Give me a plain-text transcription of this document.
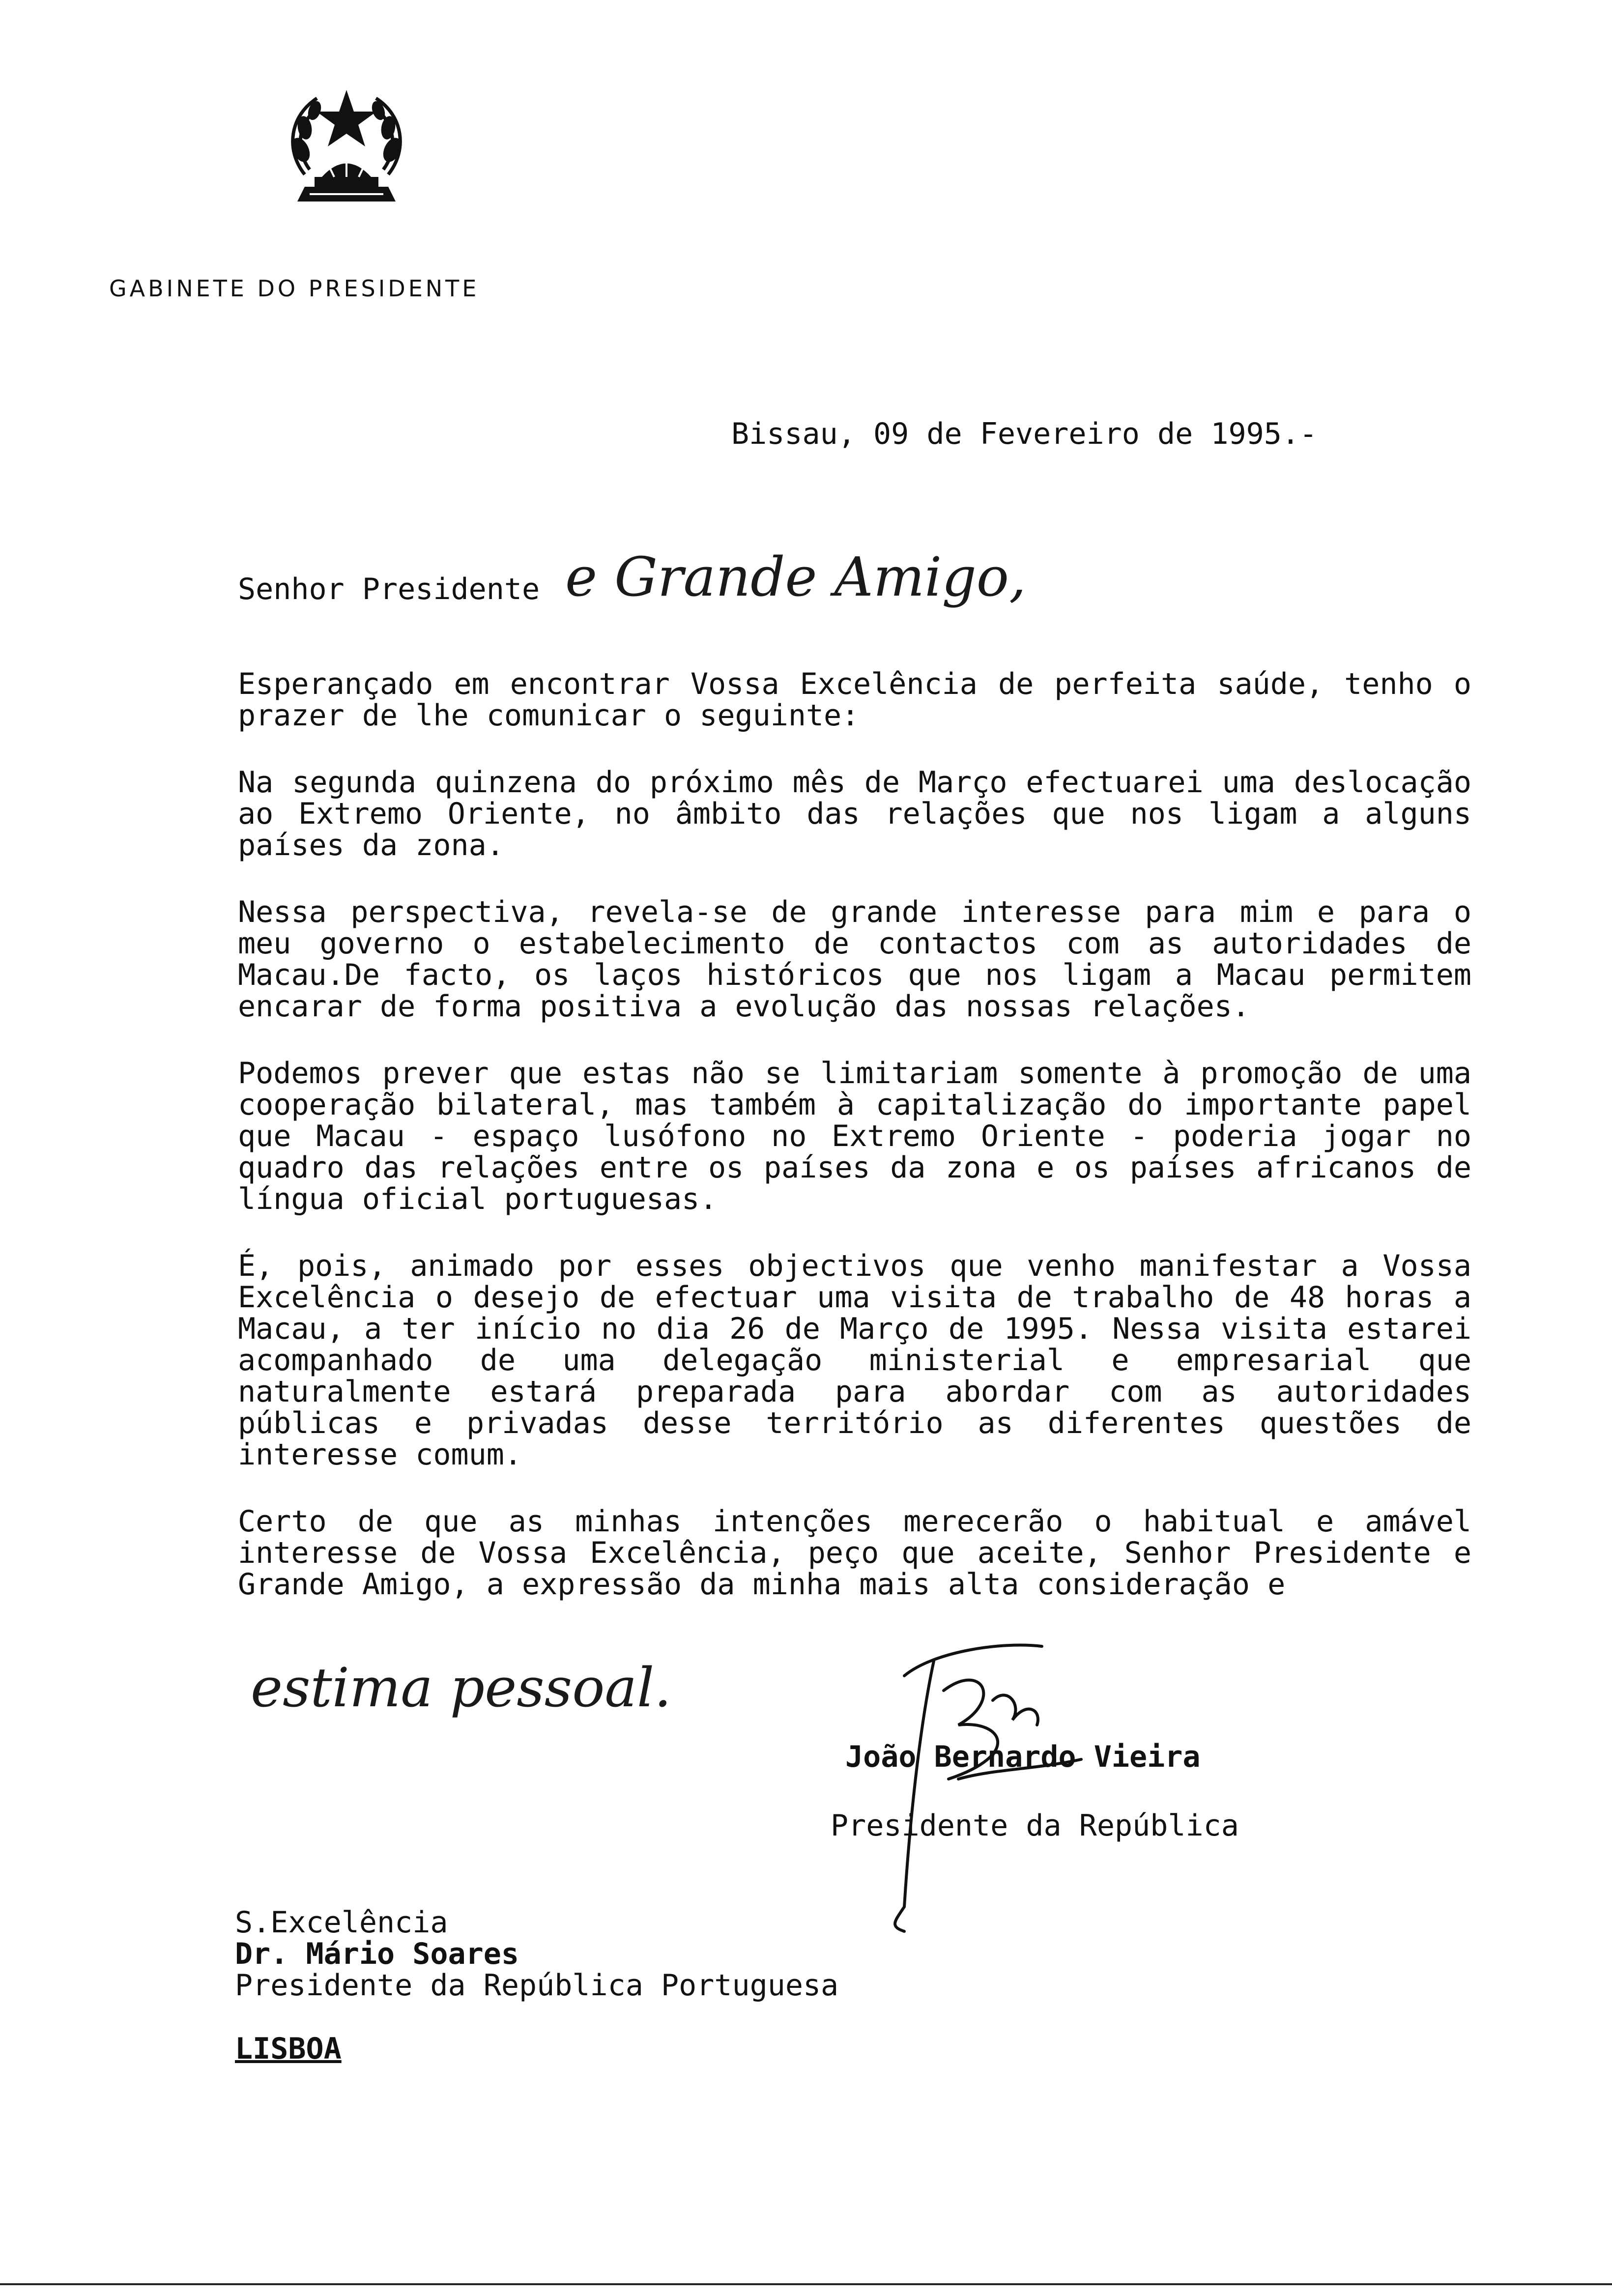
GABINETE DO PRESIDENTE
Bissau, 09 de Fevereiro de 1995.-
Senhor Presidente e Grande Amigo,

Esperançado em encontrar Vossa Excelência de perfeita saúde, tenho o prazer de lhe comunicar o seguinte:

Na segunda quinzena do próximo mês de Março efectuarei uma deslocação ao Extremo Oriente, no âmbito das relações que nos ligam a alguns países da zona.

Nessa perspectiva, revela-se de grande interesse para mim e para o meu governo o estabelecimento de contactos com as autoridades de Macau.De facto, os laços históricos que nos ligam a Macau permitem encarar de forma positiva a evolução das nossas relações.

Podemos prever que estas não se limitariam somente à promoção de uma cooperação bilateral, mas também à capitalização do importante papel que Macau - espaço lusófono no Extremo Oriente - poderia jogar no quadro das relações entre os países da zona e os países africanos de língua oficial portuguesas.

É, pois, animado por esses objectivos que venho manifestar a Vossa Excelência o desejo de efectuar uma visita de trabalho de 48 horas a Macau, a ter início no dia 26 de Março de 1995. Nessa visita estarei acompanhado de uma delegação ministerial e empresarial que naturalmente estará preparada para abordar com as autoridades públicas e privadas desse território as diferentes questões de interesse comum.

Certo de que as minhas intenções merecerão o habitual e amável interesse de Vossa Excelência, peço que aceite, Senhor Presidente e Grande Amigo, a expressão da minha mais alta consideração e

estima pessoal.
João Bernardo Vieira
Presidente da República
S.Excelência
Dr. Mário Soares
Presidente da República Portuguesa
LISBOA
